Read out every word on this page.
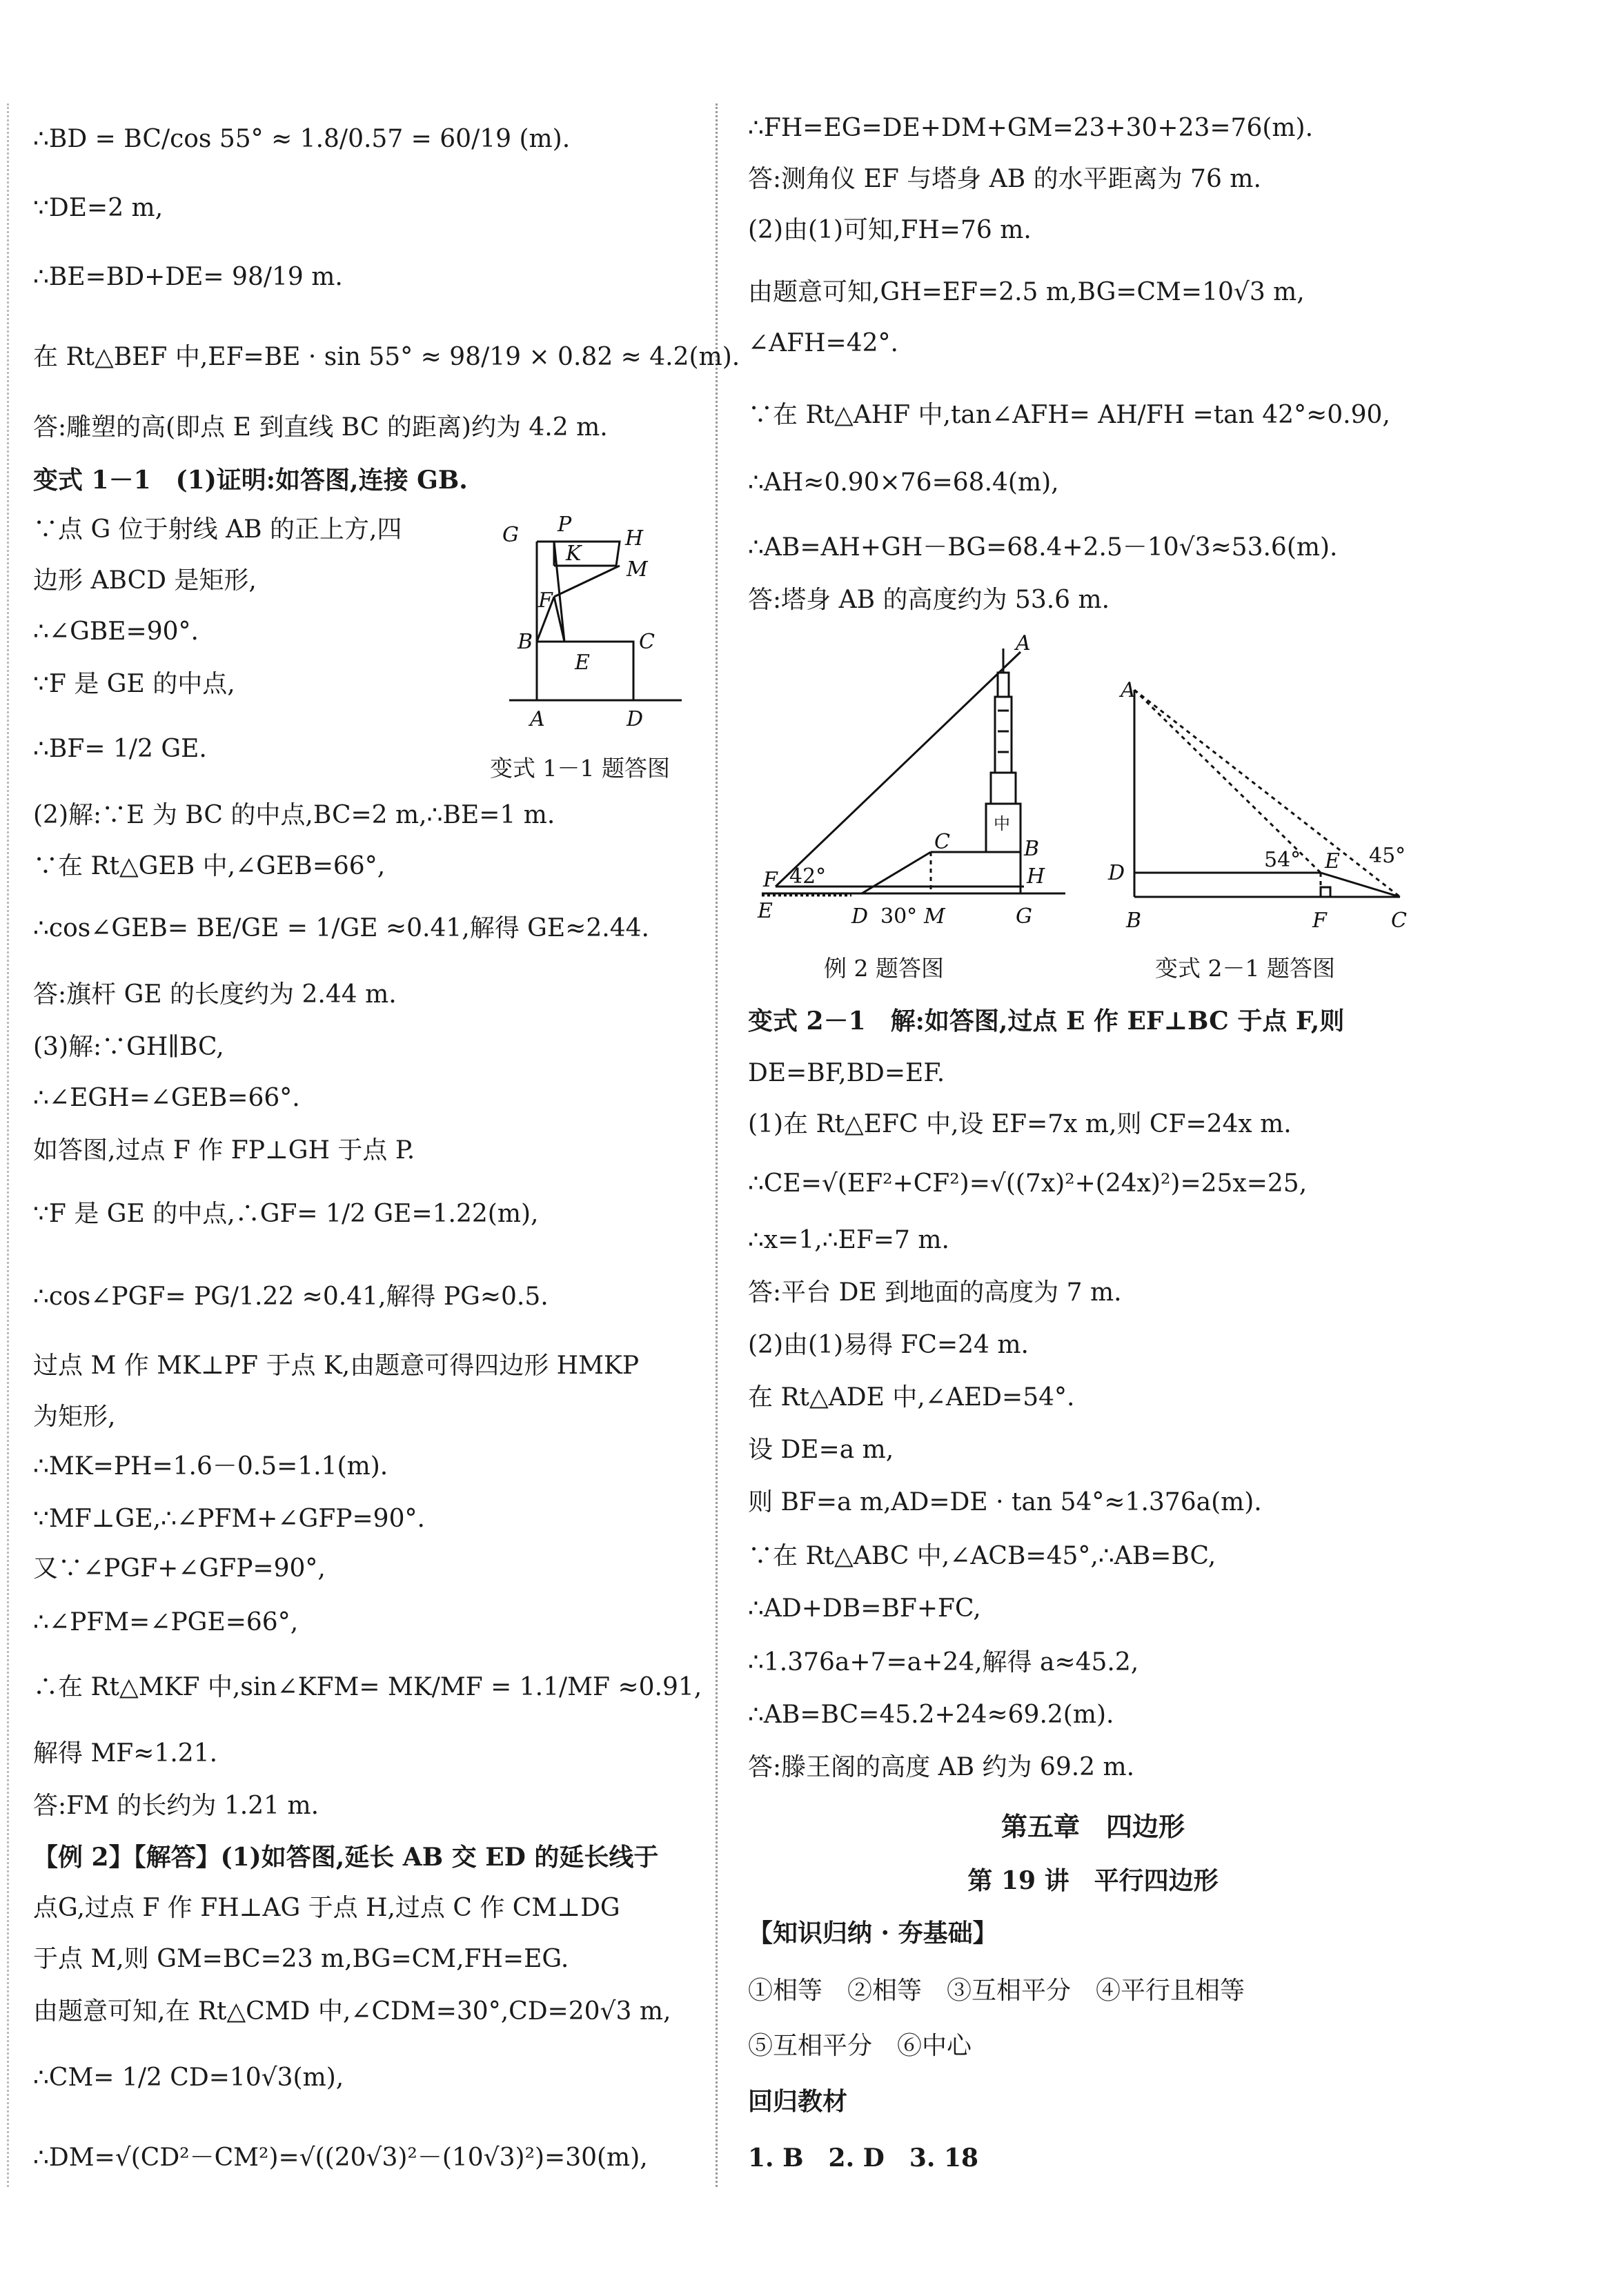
∴BD = BC/cos 55° ≈ 1.8/0.57 = 60/19 (m).
∵DE=2 m,
∴BE=BD+DE= 98/19 m.
在 Rt△BEF 中,EF=BE · sin 55° ≈ 98/19 × 0.82 ≈ 4.2(m).
答:雕塑的高(即点 E 到直线 BC 的距离)约为 4.2 m.
变式 1－1　(1)证明:如答图,连接 GB.
∵点 G 位于射线 AB 的正上方,四
边形 ABCD 是矩形,
∴∠GBE=90°.
∵F 是 GE 的中点,
∴BF= 1/2 GE.
(2)解:∵E 为 BC 的中点,BC=2 m,∴BE=1 m.
∵在 Rt△GEB 中,∠GEB=66°,
∴cos∠GEB= BE/GE = 1/GE ≈0.41,解得 GE≈2.44.
答:旗杆 GE 的长度约为 2.44 m.
(3)解:∵GH∥BC,
∴∠EGH=∠GEB=66°.
如答图,过点 F 作 FP⊥GH 于点 P.
∵F 是 GE 的中点,∴GF= 1/2 GE=1.22(m),
∴cos∠PGF= PG/1.22 ≈0.41,解得 PG≈0.5.
过点 M 作 MK⊥PF 于点 K,由题意可得四边形 HMKP
为矩形,
∴MK=PH=1.6－0.5=1.1(m).
∵MF⊥GE,∴∠PFM+∠GFP=90°.
又∵∠PGF+∠GFP=90°,
∴∠PFM=∠PGE=66°,
∴在 Rt△MKF 中,sin∠KFM= MK/MF = 1.1/MF ≈0.91,
解得 MF≈1.21.
答:FM 的长约为 1.21 m.
【例 2】【解答】(1)如答图,延长 AB 交 ED 的延长线于
点G,过点 F 作 FH⊥AG 于点 H,过点 C 作 CM⊥DG
于点 M,则 GM=BC=23 m,BG=CM,FH=EG.
由题意可知,在 Rt△CMD 中,∠CDM=30°,CD=20√3 m,
∴CM= 1/2 CD=10√3(m),
∴DM=√(CD²－CM²)=√((20√3)²－(10√3)²)=30(m),
G P
H
K
M
F
B
E
C
A	D
变式 1－1 题答图
∴FH=EG=DE+DM+GM=23+30+23=76(m).
答:测角仪 EF 与塔身 AB 的水平距离为 76 m.
(2)由(1)可知,FH=76 m.
由题意可知,GH=EF=2.5 m,BG=CM=10√3 m,
∠AFH=42°.
∵在 Rt△AHF 中,tan∠AFH= AH/FH =tan 42°≈0.90,
∴AH≈0.90×76=68.4(m),
∴AB=AH+GH－BG=68.4+2.5－10√3≈53.6(m).
答:塔身 AB 的高度约为 53.6 m.
A
F 42°
E	D 30° M
C	B
H
G
中
例 2 题答图
A
D
54° E 45°
B	F	C
变式 2－1 题答图
变式 2－1　解:如答图,过点 E 作 EF⊥BC 于点 F,则
DE=BF,BD=EF.
(1)在 Rt△EFC 中,设 EF=7x m,则 CF=24x m.
∴CE=√(EF²+CF²)=√((7x)²+(24x)²)=25x=25,
∴x=1,∴EF=7 m.
答:平台 DE 到地面的高度为 7 m.
(2)由(1)易得 FC=24 m.
在 Rt△ADE 中,∠AED=54°.
设 DE=a m,
则 BF=a m,AD=DE · tan 54°≈1.376a(m).
∵在 Rt△ABC 中,∠ACB=45°,∴AB=BC,
∴AD+DB=BF+FC,
∴1.376a+7=a+24,解得 a≈45.2,
∴AB=BC=45.2+24≈69.2(m).
答:滕王阁的高度 AB 约为 69.2 m.
第五章　四边形
第 19 讲　平行四边形
【知识归纳 · 夯基础】
①相等　②相等　③互相平分　④平行且相等
⑤互相平分　⑥中心
回归教材
1. B　2. D　3. 18
